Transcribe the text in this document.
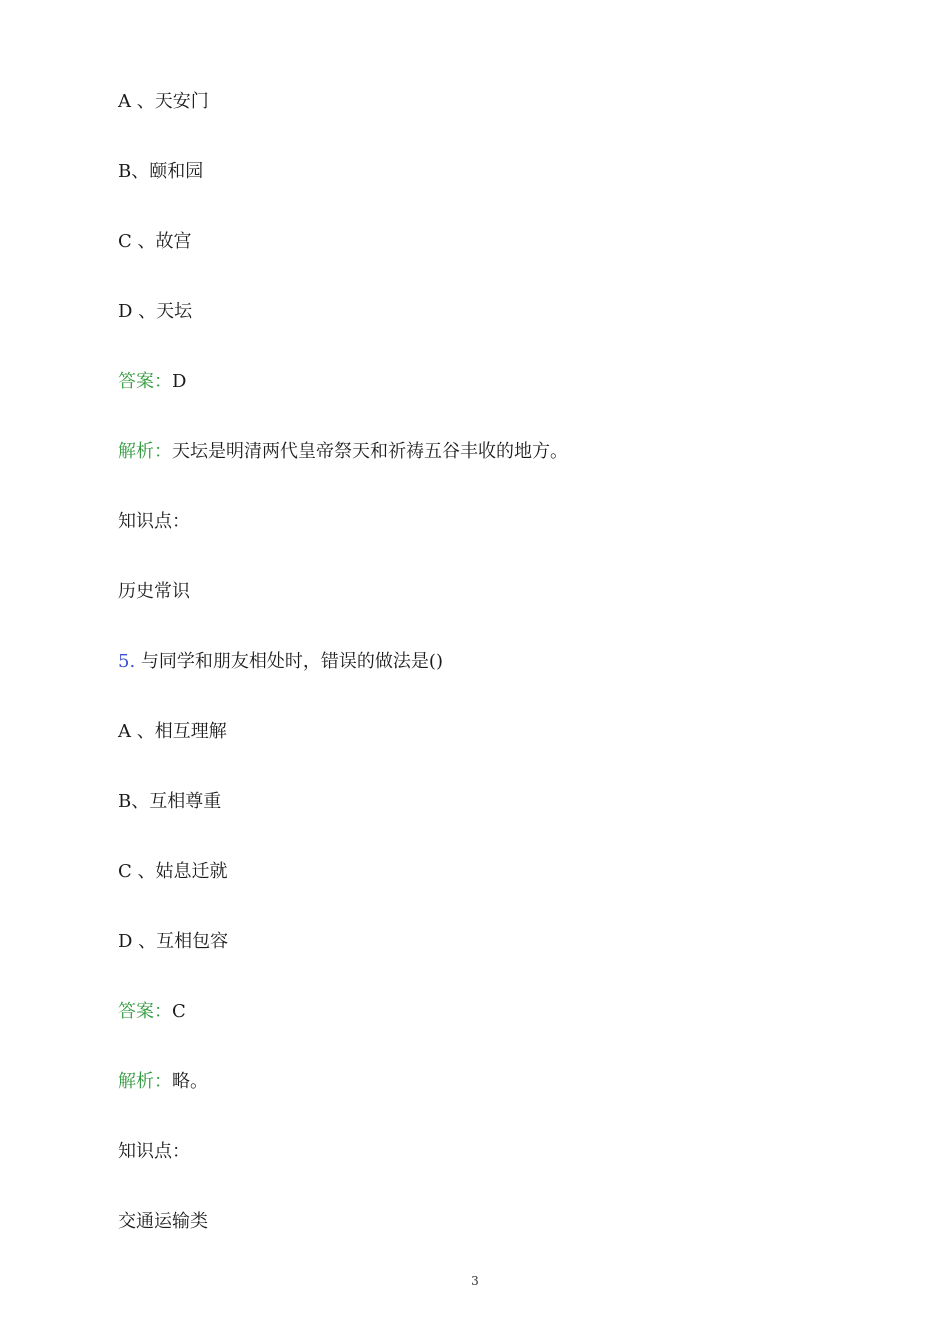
A 、天安门
B、颐和园
C 、故宫
D 、天坛
答案：D
解析：天坛是明清两代皇帝祭天和祈祷五谷丰收的地方。
知识点：
历史常识
5. 与同学和朋友相处时，错误的做法是()
A 、相互理解
B、互相尊重
C 、姑息迁就
D 、互相包容
答案：C
解析：略。
知识点：
交通运输类
3
